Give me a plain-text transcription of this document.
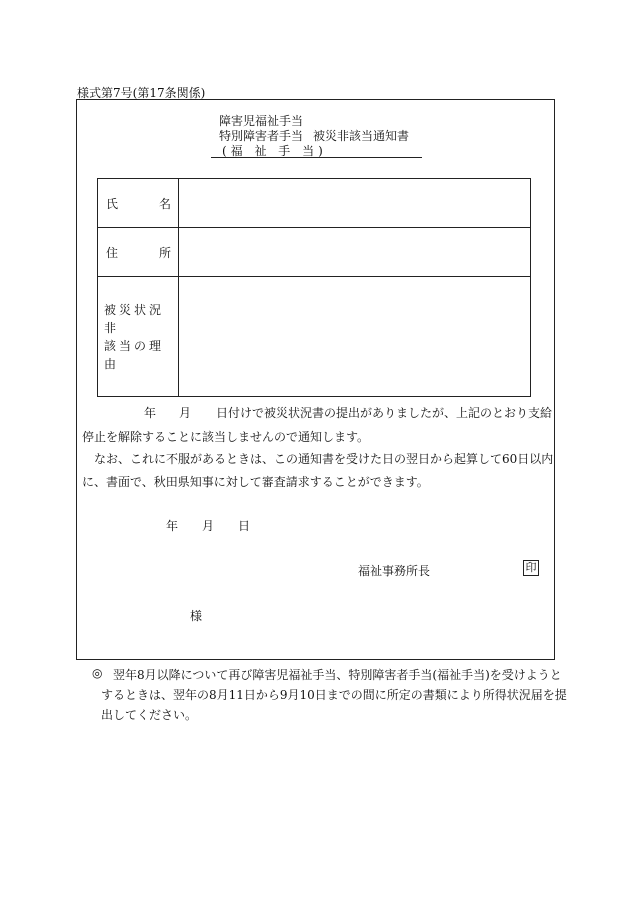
様式第7号(第17条関係)
障害児福祉手当
特別障害者手当 被災非該当通知書
(福 祉 手 当)
氏 名	

住 所	

被災状況非
該当の理由	

年 月 日付けで被災状況書の提出がありましたが、上記のとおり支給
停止を解除することに該当しませんので通知します。
なお、これに不服があるときは、この通知書を受けた日の翌日から起算して60日以内
に、書面で、秋田県知事に対して審査請求することができます。
年 月 日
福祉事務所長	印
様
◎ 翌年8月以降について再び障害児福祉手当、特別障害者手当(福祉手当)を受けようと
するときは、翌年の8月11日から9月10日までの間に所定の書類により所得状況届を提
出してください。
